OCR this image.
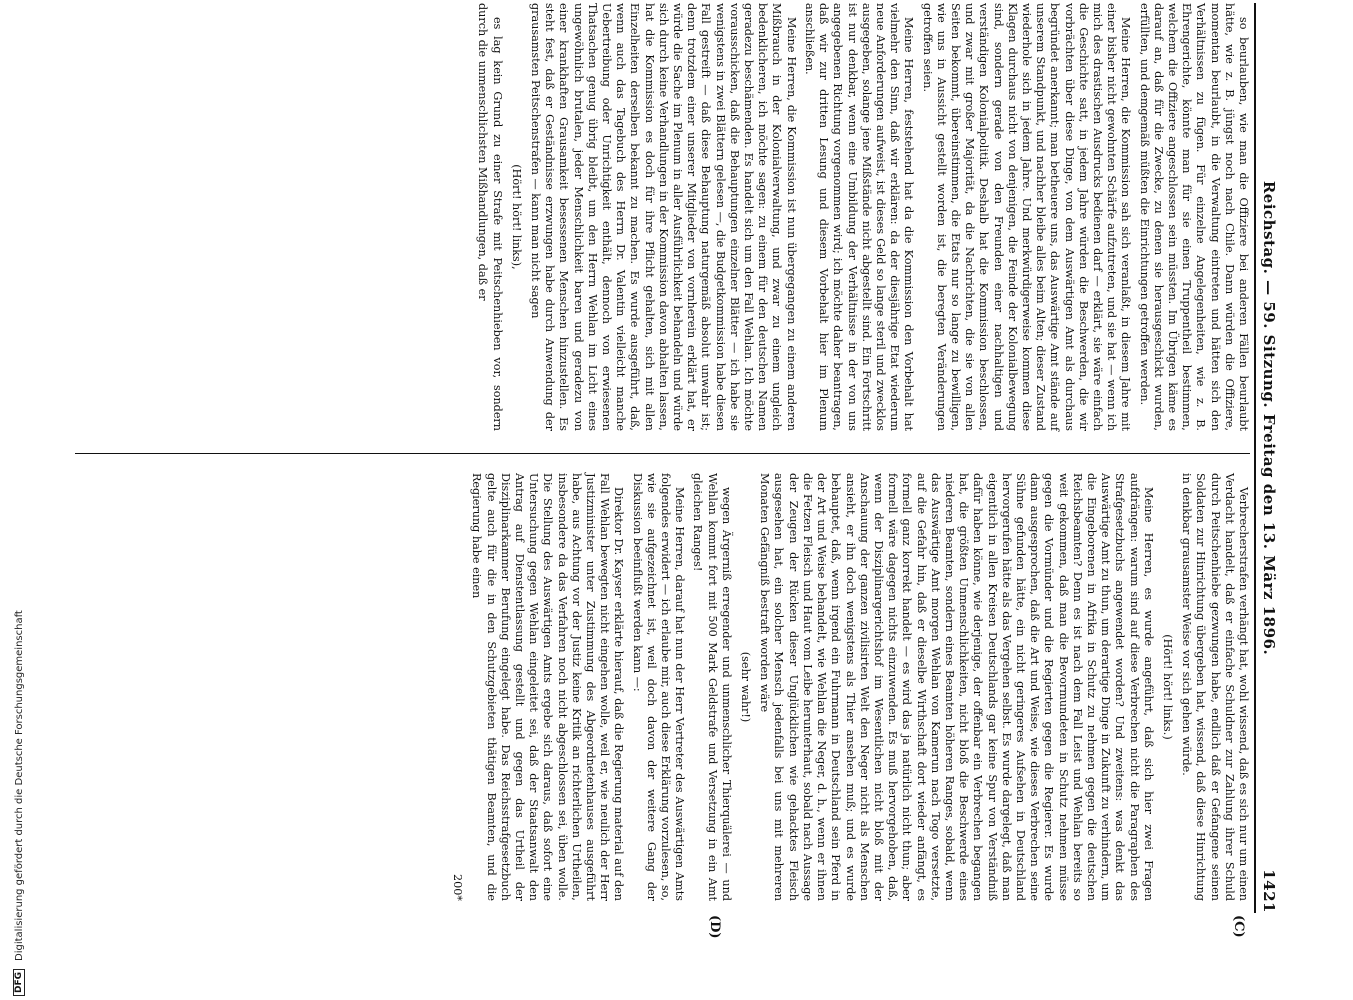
DFG
Digitalisierung gefördert durch die Deutsche Forschungsgemeinschaft
Reichstag. — 59. Sitzung. Freitag den 13. März 1896.
1421
(C)
(D)

so beurlauben, wie man die Offiziere bei anderen Fällen beurlaubt hätte, wie z. B. jüngst noch nach Chile. Dann würden die Offiziere, momentan beurlaubt, in die Verwaltung eintreten und hätten sich den Verhältnissen zu fügen. Für einzelne Angelegenheiten, wie z. B. Ehrengerichte, könnte man für sie einen Truppentheil bestimmen, welchem die Offiziere angeschlossen sein müssten. Im Übrigen käme es darauf an, daß für die Zwecke, zu denen sie herausgeschickt wurden, erfüllten, und demgemäß müßten die Einrichtungen getroffen werden.

Meine Herren, die Kommission sah sich veranlaßt, in diesem Jahre mit einer bisher nicht gewohnten Schärfe aufzutreten, und sie hat — wenn ich mich des drastischen Ausdrucks bedienen darf — erklärt, sie wäre einfach die Geschichte satt, in jedem Jahre würden die Beschwerden, die wir vorbrächten über diese Dinge, von dem Auswärtigen Amt als durchaus begründet anerkannt; man betheuere uns, das Auswärtige Amt stände auf unserem Standpunkt, und nachher bleibe alles beim Alten; dieser Zustand wiederhole sich in jedem Jahre. Und merkwürdigerweise kommen diese Klagen durchaus nicht von denjenigen, die Feinde der Kolonialbewegung sind, sondern gerade von den Freunden einer nachhaltigen und verständigen Kolonialpolitik. Deshalb hat die Kommission beschlossen, und zwar mit großer Majorität, da die Nachrichten, die sie von allen Seiten bekommt, übereinstimmen, die Etats nur so lange zu bewilligen, wie uns in Aussicht gestellt worden ist, die beregten Veränderungen getroffen seien.

Meine Herren, feststehend hat da die Kommission den Vorbehalt hat vielmehr den Sinn, daß wir erklären: da der diesjährige Etat wiederum neue Anforderungen aufweist, ist dieses Geld so lange steril und zwecklos ausgegeben, solange jene Mißstände nicht abgestellt sind. Ein Fortschritt ist nur denkbar, wenn eine Umbildung der Verhältnisse in der von uns angegebenen Richtung vorgenommen wird; ich möchte daher beantragen, daß wir zur dritten Lesung und diesem Vorbehalt hier im Plenum anschließen.

Meine Herren, die Kommission ist nun übergegangen zu einem anderen Mißbrauch in der Kolonialverwaltung, und zwar zu einem ungleich bedenklicheren, ich möchte sagen: zu einem für den deutschen Namen geradezu beschämenden. Es handelt sich um den Fall Wehlan. Ich möchte vorausschicken, daß die Behauptungen einzelner Blätter — ich habe sie wenigstens in zwei Blättern gelesen —, die Budgetkommission habe diesen Fall gestreift — daß diese Behauptung naturgemäß absolut unwahr ist; denn trotzdem einer unserer Mitglieder von vornherein erklärt hat, er würde die Sache im Plenum in aller Ausführlichkeit behandeln und würde sich durch keine Verhandlungen in der Kommission davon abhalten lassen, hat die Kommission es doch für ihre Pflicht gehalten, sich mit allen Einzelheiten derselben bekannt zu machen. Es wurde ausgeführt, daß, wenn auch das Tagebuch des Herrn Dr. Valentin vielleicht manche Uebertreibung oder Unrichtigkeit enthält, dennoch von erwiesenen Thatsachen genug übrig bleibt, um den Herrn Wehlan im Licht eines ungewöhnlich brutalen, jeder Menschlichkeit baren und geradezu von einer krankhaften Grausamkeit besessenen Menschen hinzustellen. Es steht fest, daß er Geständnisse erzwungen habe durch Anwendung der grausamsten Peitschenstrafen — kann man nicht sagen

(Hört! hört! links),

es lag kein Grund zu einer Strafe mit Peitschenhieben vor, sondern durch die unmenschlichsten Mißhandlungen, daß er

Verbrecherstrafen verhängt hat, wohl wissend, daß es sich nur um einen Verdacht handelt, daß er einfache Schuldner zur Zahlung ihrer Schuld durch Peitschenhiebe gezwungen habe, endlich daß er Gefangene seinen Soldaten zur Hinrichtung übergeben hat, wissend, daß diese Hinrichtung in denkbar grausamster Weise vor sich gehen würde.

(Hört! hört! links.)

Meine Herren, es wurde angeführt, daß sich hier zwei Fragen aufdrängen: warum sind auf diese Verbrechen nicht die Paragraphen des Strafgesetzbuchs angewendet worden? Und zweitens: was denkt das Auswärtige Amt zu thun, um derartige Dinge in Zukunft zu verhindern, um die Eingeborenen in Afrika in Schutz zu nehmen gegen die deutschen Reichsbeamten? Denn es ist nach dem Fall Leist und Wehlan bereits so weit gekommen, daß man die Bevormundeten in Schutz nehmen müsse gegen die Vormünder und die Regierten gegen die Regierer. Es wurde dann ausgesprochen, daß die Art und Weise, wie dieses Verbrechen seine Sühne gefunden hätte, ein nicht geringeres Aufsehen in Deutschland hervorgerufen hätte als das Vergehen selbst. Es wurde dargelegt, daß man eigentlich in allen Kreisen Deutschlands gar keine Spur von Verständniß dafür haben könne, wie derjenige, der offenbar ein Verbrechen begangen hat, die größten Unmenschlichkeiten, nicht bloß die Beschwerde eines niederen Beamten, sondern eines Beamten höheren Ranges, sobald, wenn das Auswärtige Amt morgen Wehlan von Kamerun nach Togo versetzte, auf die Gefahr hin, daß er dieselbe Wirthschaft dort wieder anfängt, es formell ganz korrekt handelt — es wird das ja natürlich nicht thun; aber formell wäre dagegen nichts einzuwenden. Es muß hervorgehoben, daß, wenn der Disziplinargerichtshof im Wesentlichen nicht bloß mit der Anschauung der ganzen zivilisirten Welt den Neger nicht als Menschen ansieht, er ihn doch wenigstens als Thier ansehen muß; und es wurde behauptet, daß, wenn irgend ein Fuhrmann in Deutschland sein Pferd in der Art und Weise behandelt, wie Wehlan die Neger, d. h., wenn er ihnen die Fetzen Fleisch und Haut vom Leibe herunterhaut, sobald nach Aussage der Zeugen der Rücken dieser Unglücklichen wie gehacktes Fleisch ausgesehen hat, ein solcher Mensch jedenfalls bei uns mit mehreren Monaten Gefängniß bestraft worden wäre

(sehr wahr!)

wegen Ärgerniß erregender und unmenschlicher Thierquälerei — und Wehlan kommt fort mit 500 Mark Geldstrafe und Versetzung in ein Amt gleichen Ranges!

Meine Herren, darauf hat nun der Herr Vertreter des Auswärtigen Amts folgendes erwidert — ich erlaube mir, auch diese Erklärung vorzulesen, so, wie sie aufgezeichnet ist, weil doch davon der weitere Gang der Diskussion beeinflußt werden kann —:

Direktor Dr. Kayser erklärte hierauf, daß die Regierung material auf den Fall Wehlan bewegten nicht eingehen wolle, weil er, wie neulich der Herr Justizminister unter Zustimmung des Abgeordnetenhauses ausgeführt habe, aus Achtung vor der Justiz keine Kritik an richterlichen Urtheilen, insbesondere da das Verfahren noch nicht abgeschlossen sei, üben wolle. Die Stellung des Auswärtigen Amts ergebe sich daraus, daß sofort eine Untersuchung gegen Wehlan eingeleitet sei, daß der Staatsanwalt den Antrag auf Dienstentlassung gestellt und gegen das Urtheil der Disziplinarkammer Berufung eingelegt habe. Das Reichsstrafgesetzbuch gelte auch für die in den Schutzgebieten thätigen Beamten, und die Regierung habe einen

200*
